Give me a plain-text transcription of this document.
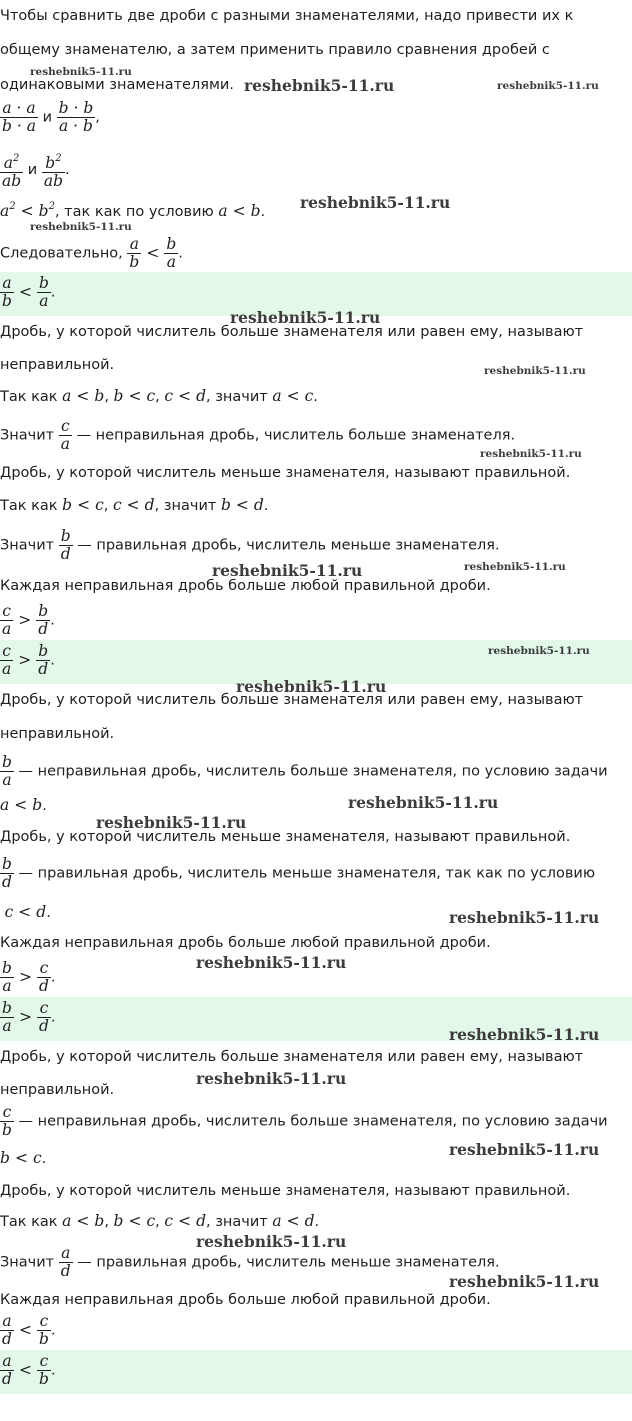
Чтобы сравнить две дроби с разными знаменателями, надо привести их к
общему знаменателю, а затем применить правило сравнения дробей с
одинаковыми знаменателями.
$\frac{a \cdot a}{b \cdot a}$ и $\frac{b \cdot b}{a \cdot b}$ ,
$\frac{a^2}{ab}$ и $\frac{b^2}{ab}$ .
$a^2 < b^2$, так как по условию a < b.
Следовательно, $\frac{a}{b} < \frac{b}{a}$ .
$\frac{a}{b} < \frac{b}{a}$ .
Дробь, у которой числитель больше знаменателя или равен ему, называют
неправильной.
Так как a < b, b < c, c < d, значит a < c.
Значит $\frac{c}{a}$ — неправильная дробь, числитель больше знаменателя.
Дробь, у которой числитель меньше знаменателя, называют правильной.
Так как b < c, c < d, значит b < d.
Значит $\frac{b}{d}$ — правильная дробь, числитель меньше знаменателя.
Каждая неправильная дробь больше любой правильной дроби.
$\frac{c}{a} > \frac{b}{d}$ .
$\frac{c}{a} > \frac{b}{d}$ .
Дробь, у которой числитель больше знаменателя или равен ему, называют
неправильной.
$\frac{b}{a}$ — неправильная дробь, числитель больше знаменателя, по условию задачи
a < b.
Дробь, у которой числитель меньше знаменателя, называют правильной.
$\frac{b}{d}$ — правильная дробь, числитель меньше знаменателя, так как по условию
c < d.
Каждая неправильная дробь больше любой правильной дроби.
$\frac{b}{a} > \frac{c}{d}$ .
$\frac{b}{a} > \frac{c}{d}$ .
Дробь, у которой числитель больше знаменателя или равен ему, называют
неправильной.
$\frac{c}{b}$ — неправильная дробь, числитель больше знаменателя, по условию задачи
b < c.
Дробь, у которой числитель меньше знаменателя, называют правильной.
Так как a < b, b < c, c < d, значит a < d.
Значит $\frac{a}{d}$ — правильная дробь, числитель меньше знаменателя.
Каждая неправильная дробь больше любой правильной дроби.
$\frac{a}{d} < \frac{c}{b}$ .
$\frac{a}{d} < \frac{c}{b}$ .
reshebnik5-11.ru
reshebnik5-11.ru	reshebnik5-11.ru
reshebnik5-11.ru
reshebnik5-11.ru
reshebnik5-11.ru
reshebnik5-11.ru
reshebnik5-11.ru
reshebnik5-11.ru	reshebnik5-11.ru
reshebnik5-11.ru
reshebnik5-11.ru
reshebnik5-11.ru
reshebnik5-11.ru
reshebnik5-11.ru
reshebnik5-11.ru
reshebnik5-11.ru
reshebnik5-11.ru
reshebnik5-11.ru
reshebnik5-11.ru
reshebnik5-11.ru
